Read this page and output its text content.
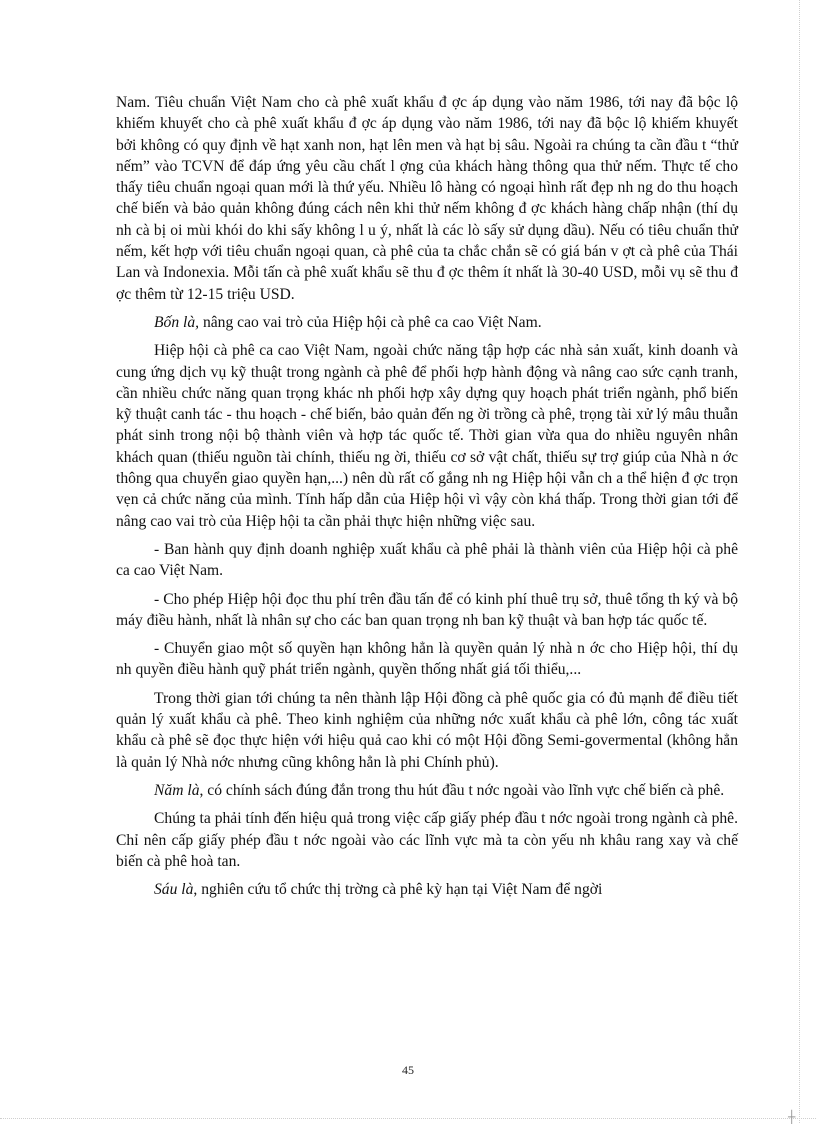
Nam. Tiêu chuẩn Việt Nam cho cà phê xuất khẩu đ ợc áp dụng vào năm 1986, tới nay đã bộc lộ khiếm khuyết cho cà phê xuất khẩu đ ợc áp dụng vào năm 1986, tới nay đã bộc lộ khiếm khuyết bởi không có quy định về hạt xanh non, hạt lên men và hạt bị sâu. Ngoài ra chúng ta cần đầu t “thử nếm” vào TCVN để đáp ứng yêu cầu chất l ợng của khách hàng thông qua thử nếm. Thực tế cho thấy tiêu chuẩn ngoại quan mới là thứ yếu. Nhiều lô hàng có ngoại hình rất đẹp nh ng do thu hoạch chế biến và bảo quản không đúng cách nên khi thử nếm không đ ợc khách hàng chấp nhận (thí dụ nh cà bị oi mùi khói do khi sấy không l u ý, nhất là các lò sấy sử dụng dầu). Nếu có tiêu chuẩn thử nếm, kết hợp với tiêu chuẩn ngoại quan, cà phê của ta chắc chắn sẽ có giá bán v ợt cà phê của Thái Lan và Indonexia. Mỗi tấn cà phê xuất khẩu sẽ thu đ ợc thêm ít nhất là 30-40 USD, mỗi vụ sẽ thu đ ợc thêm từ 12-15 triệu USD.

Bốn là, nâng cao vai trò của Hiệp hội cà phê ca cao Việt Nam.

Hiệp hội cà phê ca cao Việt Nam, ngoài chức năng tập hợp các nhà sản xuất, kinh doanh và cung ứng dịch vụ kỹ thuật trong ngành cà phê để phối hợp hành động và nâng cao sức cạnh tranh, cần nhiều chức năng quan trọng khác nh phối hợp xây dựng quy hoạch phát triển ngành, phổ biến kỹ thuật canh tác - thu hoạch - chế biến, bảo quản đến ng ời trồng cà phê, trọng tài xử lý mâu thuẫn phát sinh trong nội bộ thành viên và hợp tác quốc tế. Thời gian vừa qua do nhiều nguyên nhân khách quan (thiếu nguồn tài chính, thiếu ng ời, thiếu cơ sở vật chất, thiếu sự trợ giúp của Nhà n ớc thông qua chuyển giao quyền hạn,...) nên dù rất cố gắng nh ng Hiệp hội vẫn ch a thể hiện đ ợc trọn vẹn cả chức năng của mình. Tính hấp dẫn của Hiệp hội vì vậy còn khá thấp. Trong thời gian tới để nâng cao vai trò của Hiệp hội ta cần phải thực hiện những việc sau.

- Ban hành quy định doanh nghiệp xuất khẩu cà phê phải là thành viên của Hiệp hội cà phê ca cao Việt Nam.

- Cho phép Hiệp hội đọc thu phí trên đầu tấn để có kinh phí thuê trụ sở, thuê tổng th ký và bộ máy điều hành, nhất là nhân sự cho các ban quan trọng nh ban kỹ thuật và ban hợp tác quốc tế.

- Chuyển giao một số quyền hạn không hẳn là quyền quản lý nhà n ớc cho Hiệp hội, thí dụ nh quyền điều hành quỹ phát triển ngành, quyền thống nhất giá tối thiểu,...

Trong thời gian tới chúng ta nên thành lập Hội đồng cà phê quốc gia có đủ mạnh để điều tiết quản lý xuất khẩu cà phê. Theo kinh nghiệm của những nớc xuất khẩu cà phê lớn, công tác xuất khẩu cà phê sẽ đọc thực hiện với hiệu quả cao khi có một Hội đồng Semi-govermental (không hẳn là quản lý Nhà nớc nhưng cũng không hẳn là phi Chính phủ).

Năm là, có chính sách đúng đắn trong thu hút đầu t nớc ngoài vào lĩnh vực chế biến cà phê.

Chúng ta phải tính đến hiệu quả trong việc cấp giấy phép đầu t nớc ngoài trong ngành cà phê. Chỉ nên cấp giấy phép đầu t nớc ngoài vào các lĩnh vực mà ta còn yếu nh khâu rang xay và chế biến cà phê hoà tan.

Sáu là, nghiên cứu tổ chức thị trờng cà phê kỳ hạn tại Việt Nam để ngời

45
┼
